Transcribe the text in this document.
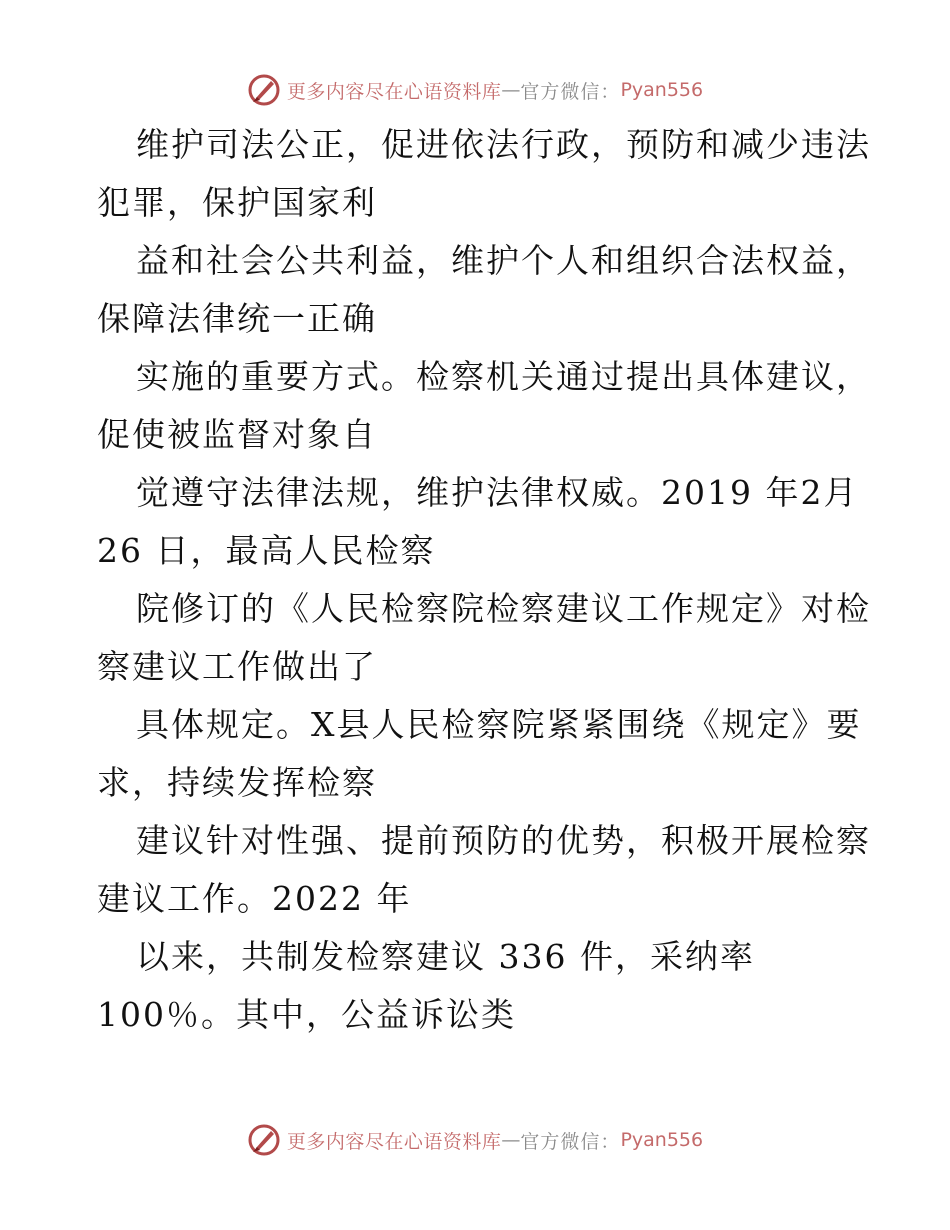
更多内容尽在心语资料库 — 官方微信： Pyan556
维护司法公正，促进依法行政，预防和减少违法
犯罪，保护国家利
益和社会公共利益，维护个人和组织合法权益，
保障法律统一正确
实施的重要方式。检察机关通过提出具体建议，
促使被监督对象自
觉遵守法律法规，维护法律权威。2019 年2月
26 日，最高人民检察
院修订的《人民检察院检察建议工作规定》对检
察建议工作做出了
具体规定。X县人民检察院紧紧围绕《规定》要
求，持续发挥检察
建议针对性强、提前预防的优势，积极开展检察
建议工作。2022 年
以来，共制发检察建议 336 件，采纳率
100％。其中，公益诉讼类
更多内容尽在心语资料库 — 官方微信： Pyan556
